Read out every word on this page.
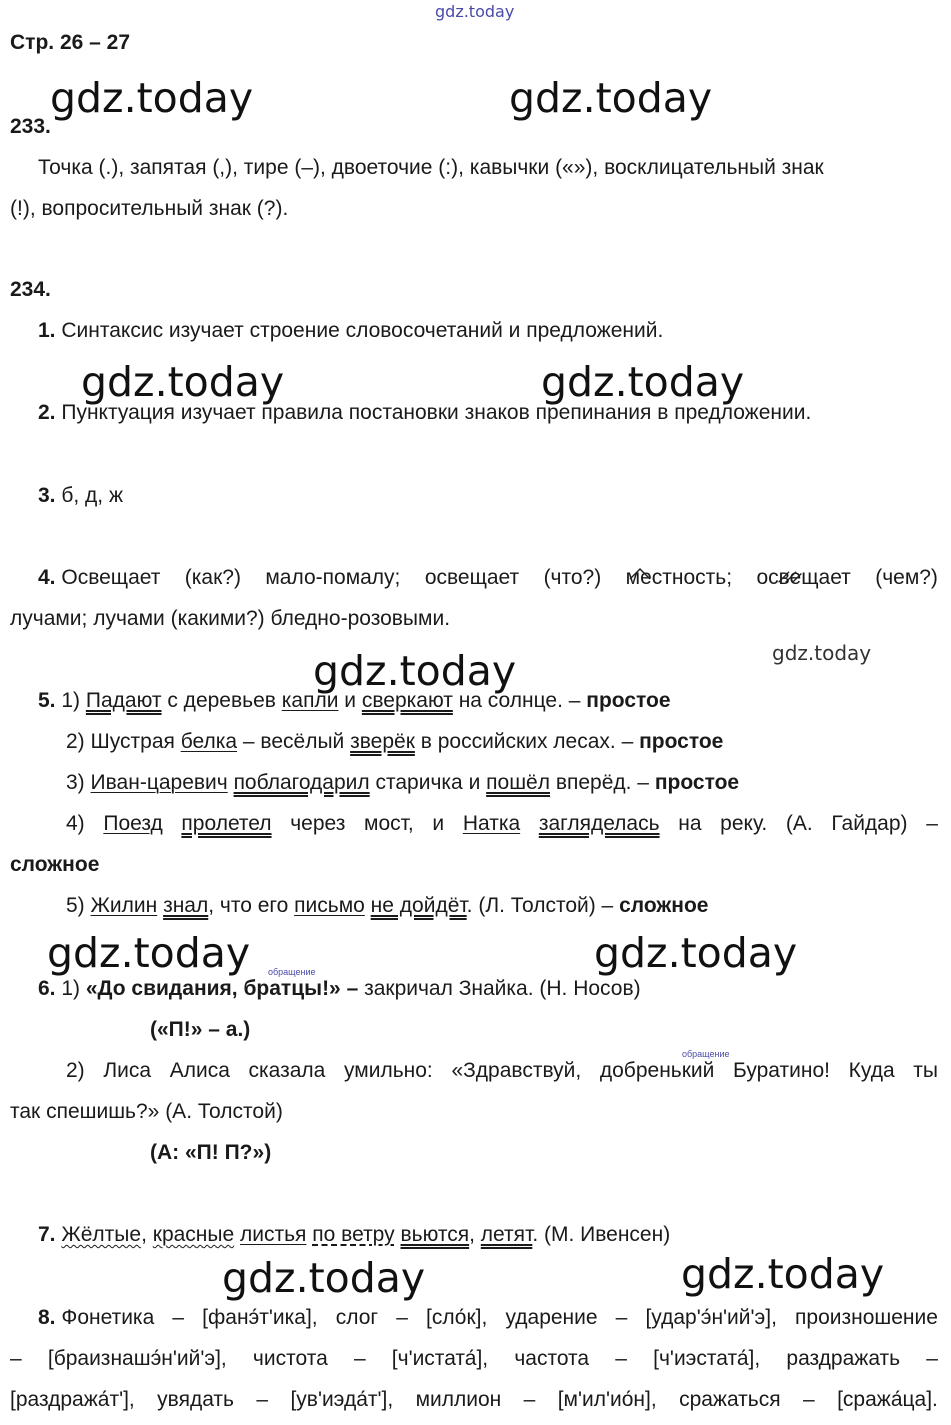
gdz.today
gdz.today	gdz.today
gdz.today	gdz.today
gdz.today	gdz.today
gdz.today	gdz.today
gdz.today	gdz.today
Стр. 26 – 27
233.
Точка (.), запятая (,), тире (–), двоеточие (:), кавычки («»), восклицательный знак
(!), вопросительный знак (?).
234.
1. Синтаксис изучает строение словосочетаний и предложений.
2. Пунктуация изучает правила постановки знаков препинания в предложении.
3. б, д, ж
4. Освещает (как?) мало-помалу; освещает (что?) местность; освещает (чем?)
лучами; лучами (какими?) бледно-розовыми.
5. 1) Падают с деревьев капли и сверкают на солнце. – простое
2) Шустрая белка – весёлый зверёк в российских лесах. – простое
3) Иван-царевич поблагодарил старичка и пошёл вперёд. – простое
4) Поезд пролетел через мост, и Натка загляделась на реку. (А. Гайдар) –
сложное
5) Жилин знал, что его письмо не дойдёт. (Л. Толстой) – сложное
обращение
6. 1) «До свидания, братцы!» – закричал Знайка. (Н. Носов)
(«П!» – а.)
обращение
2) Лиса Алиса сказала умильно: «Здравствуй, добренький Буратино! Куда ты
так спешишь?» (А. Толстой)
(А: «П! П?»)
7. Жёлтые, красные листья по ветру вьются, летят. (М. Ивенсен)
8. Фонетика – [фанэ́т'ика], слог – [сло́к], ударение – [удар'э́н'ий'э], произношение
– [браизнашэ́н'ий'э], чистота – [ч'истата́], частота – [ч'иэстата́], раздражать –
[раздража́т'], увядать – [ув'иэда́т'], миллион – [м'ил'ио́н], сражаться – [сража́ца].
